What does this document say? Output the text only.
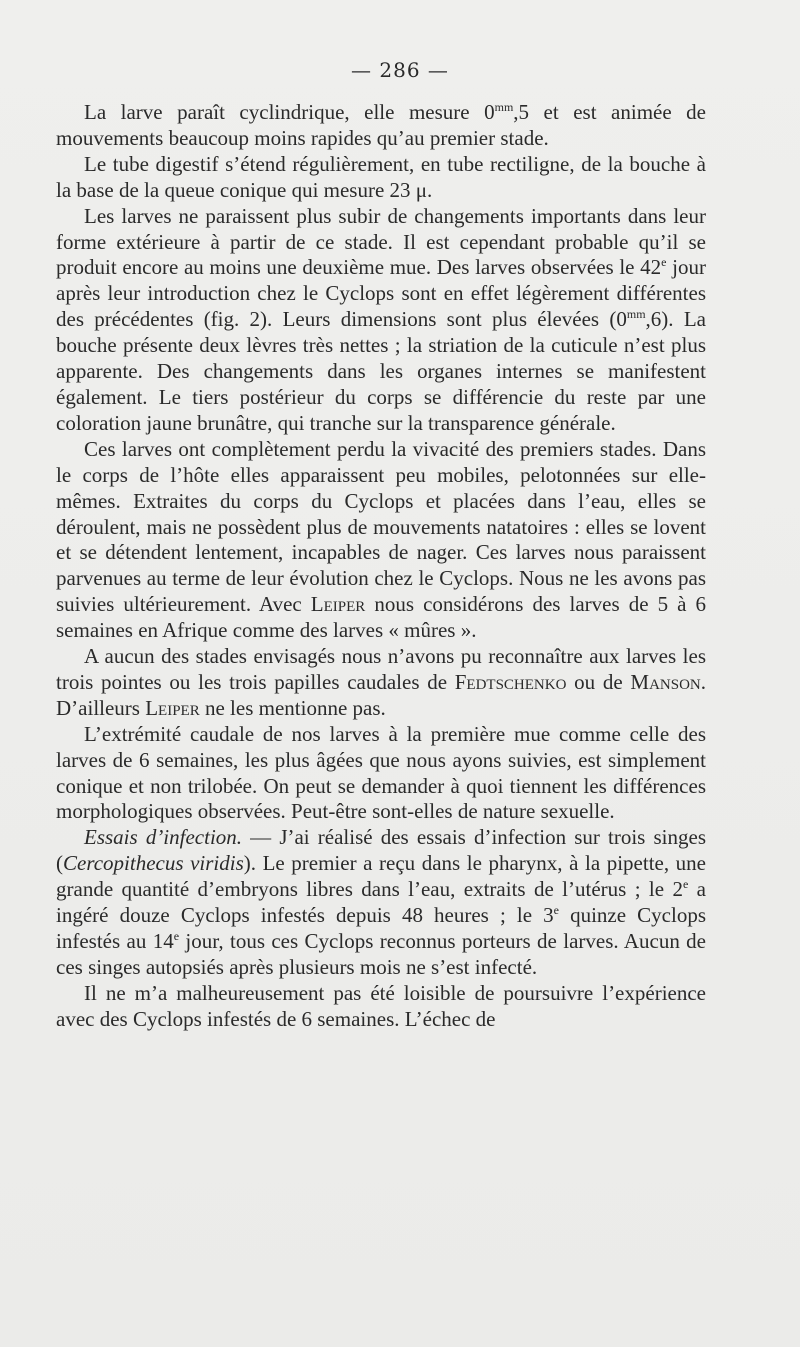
— 286 —

La larve paraît cyclindrique, elle mesure $0^{mm},5$ et est animée de mouvements beaucoup moins rapides qu’au premier stade.

Le tube digestif s’étend régulièrement, en tube rectiligne, de la bouche à la base de la queue conique qui mesure 23 μ.

Les larves ne paraissent plus subir de changements importants dans leur forme extérieure à partir de ce stade. Il est cependant probable qu’il se produit encore au moins une deuxième mue. Des larves observées le 42e jour après leur introduction chez le Cyclops sont en effet légèrement différentes des précédentes (fig. 2). Leurs dimensions sont plus élevées $(0^{mm},6)$. La bouche présente deux lèvres très nettes ; la striation de la cuticule n’est plus apparente. Des changements dans les organes internes se manifestent également. Le tiers postérieur du corps se différencie du reste par une coloration jaune brunâtre, qui tranche sur la transparence générale.

Ces larves ont complètement perdu la vivacité des premiers stades. Dans le corps de l’hôte elles apparaissent peu mobiles, pelotonnées sur elle-mêmes. Extraites du corps du Cyclops et placées dans l’eau, elles se déroulent, mais ne possèdent plus de mouvements natatoires : elles se lovent et se détendent lentement, incapables de nager. Ces larves nous paraissent parvenues au terme de leur évolution chez le Cyclops. Nous ne les avons pas suivies ultérieurement. Avec Leiper nous considérons des larves de 5 à 6 semaines en Afrique comme des larves « mûres ».

A aucun des stades envisagés nous n’avons pu reconnaître aux larves les trois pointes ou les trois papilles caudales de Fedtschenko ou de Manson. D’ailleurs Leiper ne les mentionne pas.

L’extrémité caudale de nos larves à la première mue comme celle des larves de 6 semaines, les plus âgées que nous ayons suivies, est simplement conique et non trilobée. On peut se demander à quoi tiennent les différences morphologiques observées. Peut-être sont-elles de nature sexuelle.

Essais d’infection. — J’ai réalisé des essais d’infection sur trois singes (Cercopithecus viridis). Le premier a reçu dans le pharynx, à la pipette, une grande quantité d’embryons libres dans l’eau, extraits de l’utérus ; le 2e a ingéré douze Cyclops infestés depuis 48 heures ; le 3e quinze Cyclops infestés au 14e jour, tous ces Cyclops reconnus porteurs de larves. Aucun de ces singes autopsiés après plusieurs mois ne s’est infecté.

Il ne m’a malheureusement pas été loisible de poursuivre l’expérience avec des Cyclops infestés de 6 semaines. L’échec de
